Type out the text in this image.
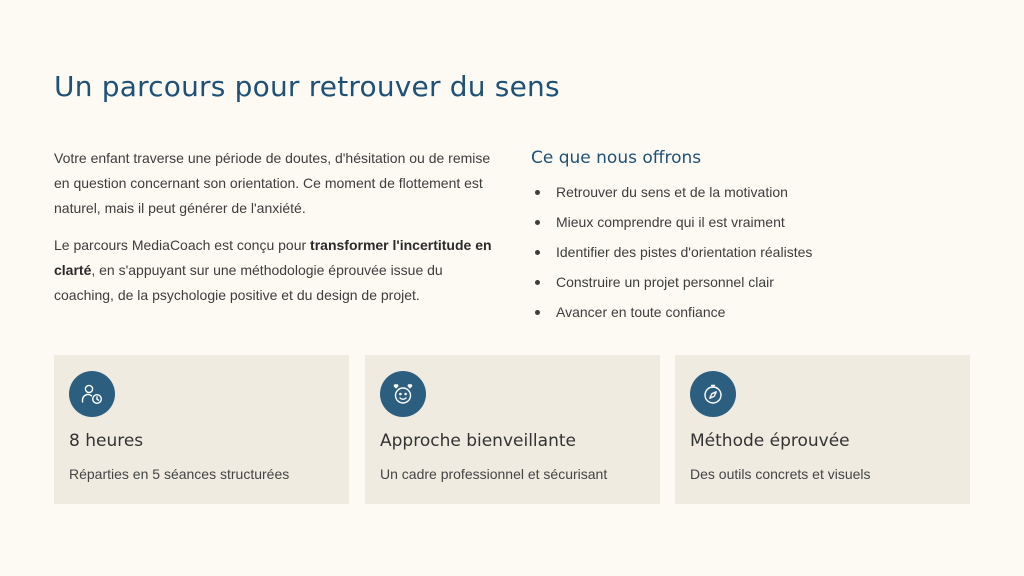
Un parcours pour retrouver du sens

Votre enfant traverse une période de doutes, d'hésitation ou de remise en question concernant son orientation. Ce moment de flottement est naturel, mais il peut générer de l'anxiété.

Le parcours MediaCoach est conçu pour transformer l'incertitude en clarté, en s'appuyant sur une méthodologie éprouvée issue du coaching, de la psychologie positive et du design de projet.

Ce que nous offrons
Retrouver du sens et de la motivation
Mieux comprendre qui il est vraiment
Identifier des pistes d'orientation réalistes
Construire un projet personnel clair
Avancer en toute confiance
8 heures
Réparties en 5 séances structurées
Approche bienveillante
Un cadre professionnel et sécurisant
Méthode éprouvée
Des outils concrets et visuels
